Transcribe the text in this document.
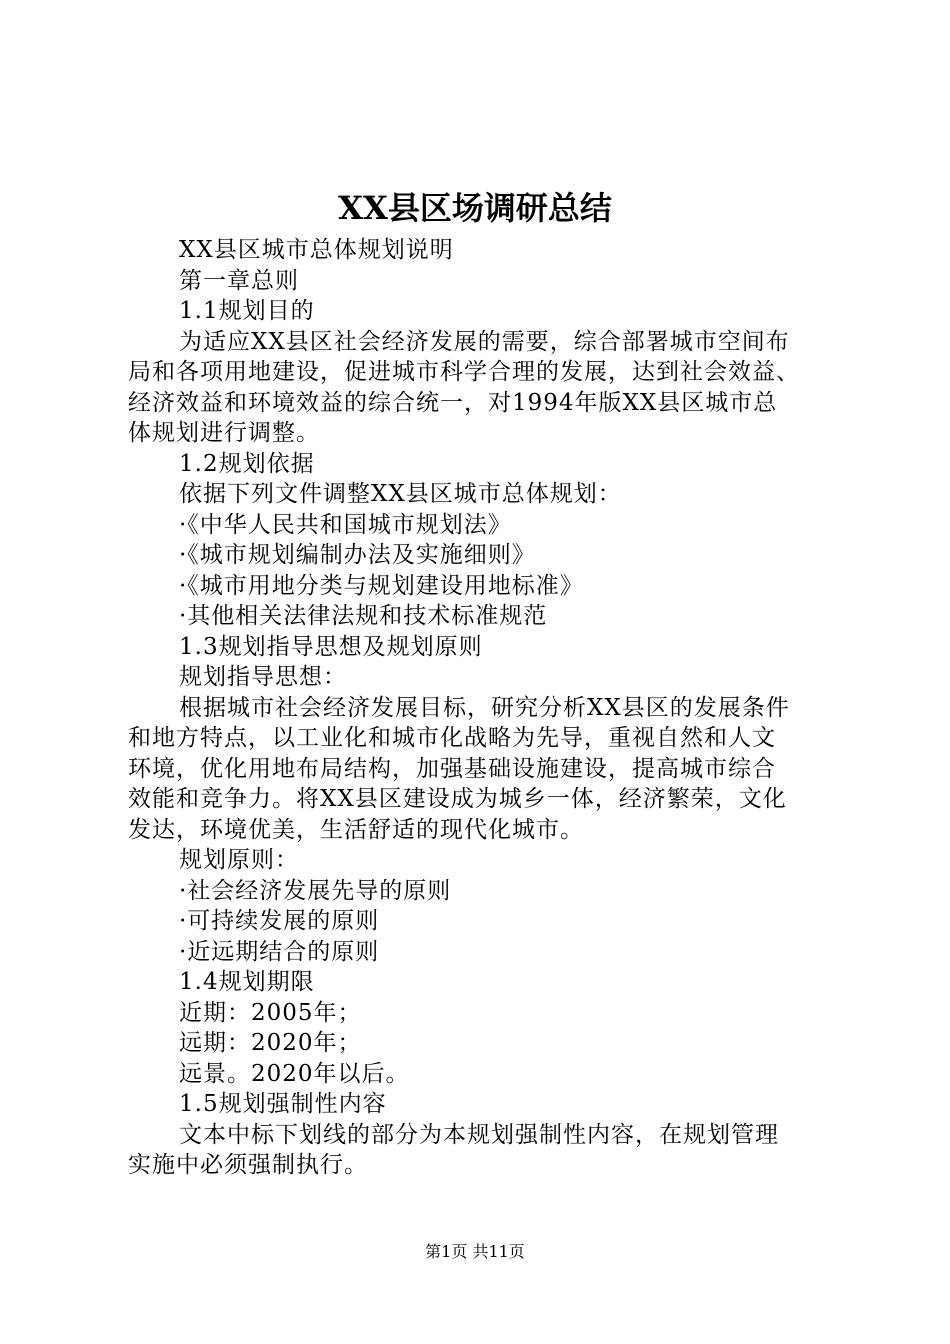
XX县区场调研总结
XX县区城市总体规划说明
第一章总则
1.1规划目的
为适应XX县区社会经济发展的需要，综合部署城市空间布
局和各项用地建设，促进城市科学合理的发展，达到社会效益、
经济效益和环境效益的综合统一，对1994年版XX县区城市总
体规划进行调整。
1.2规划依据
依据下列文件调整XX县区城市总体规划：
·《中华人民共和国城市规划法》
·《城市规划编制办法及实施细则》
·《城市用地分类与规划建设用地标准》
·其他相关法律法规和技术标准规范
1.3规划指导思想及规划原则
规划指导思想：
根据城市社会经济发展目标，研究分析XX县区的发展条件
和地方特点，以工业化和城市化战略为先导，重视自然和人文
环境，优化用地布局结构，加强基础设施建设，提高城市综合
效能和竞争力。将XX县区建设成为城乡一体，经济繁荣，文化
发达，环境优美，生活舒适的现代化城市。
规划原则：
·社会经济发展先导的原则
·可持续发展的原则
·近远期结合的原则
1.4规划期限
近期：2005年；
远期：2020年；
远景。2020年以后。
1.5规划强制性内容
文本中标下划线的部分为本规划强制性内容，在规划管理
实施中必须强制执行。
第1页 共11页
